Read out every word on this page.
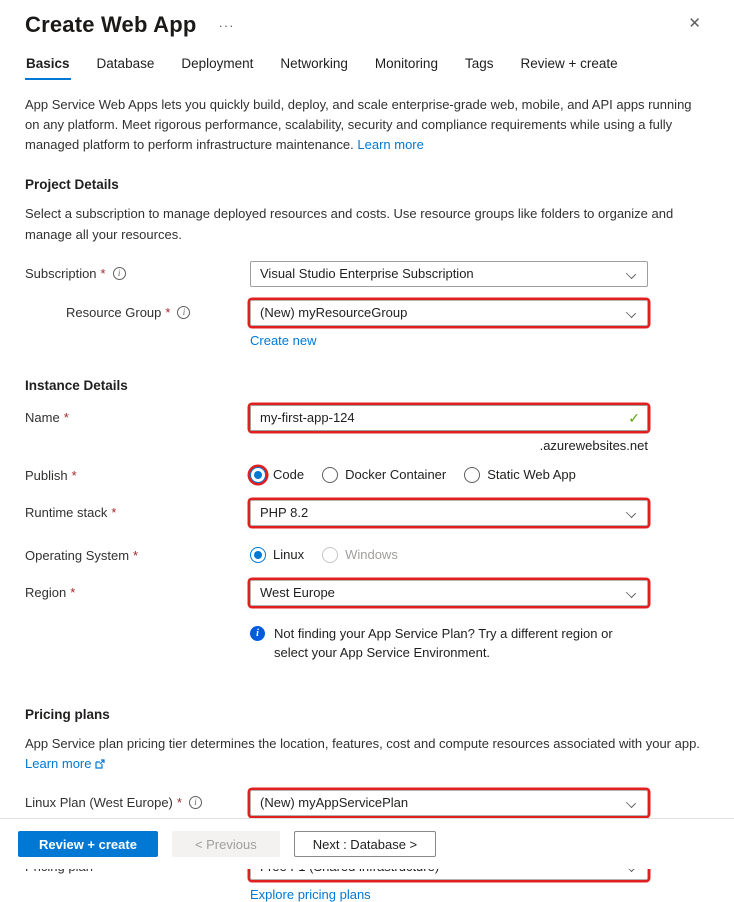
Create Web App ···	✕
Basics Database Deployment Networking Monitoring Tags Review + create
App Service Web Apps lets you quickly build, deploy, and scale enterprise-grade web, mobile, and API apps running on any platform. Meet rigorous performance, scalability, security and compliance requirements while using a fully managed platform to perform infrastructure maintenance. Learn more
Project Details
Select a subscription to manage deployed resources and costs. Use resource groups like folders to organize and manage all your resources.
Subscription *	i	Visual Studio Enterprise Subscription
Resource Group *	i	(New) myResourceGroup
Create new
Instance Details
Name *
my-first-app-124	✓
.azurewebsites.net
Publish *	Code	Docker Container	Static Web App
Runtime stack *	PHP 8.2
Operating System *	Linux	Windows
Region *	West Europe
i	Not finding your App Service Plan? Try a different region or select your App Service Environment.
Pricing plans
App Service plan pricing tier determines the location, features, cost and compute resources associated with your app.
Learn more
Linux Plan (West Europe) *	i	(New) myAppServicePlan
Explore pricing plans
Review + create	< Previous	Next : Database >
